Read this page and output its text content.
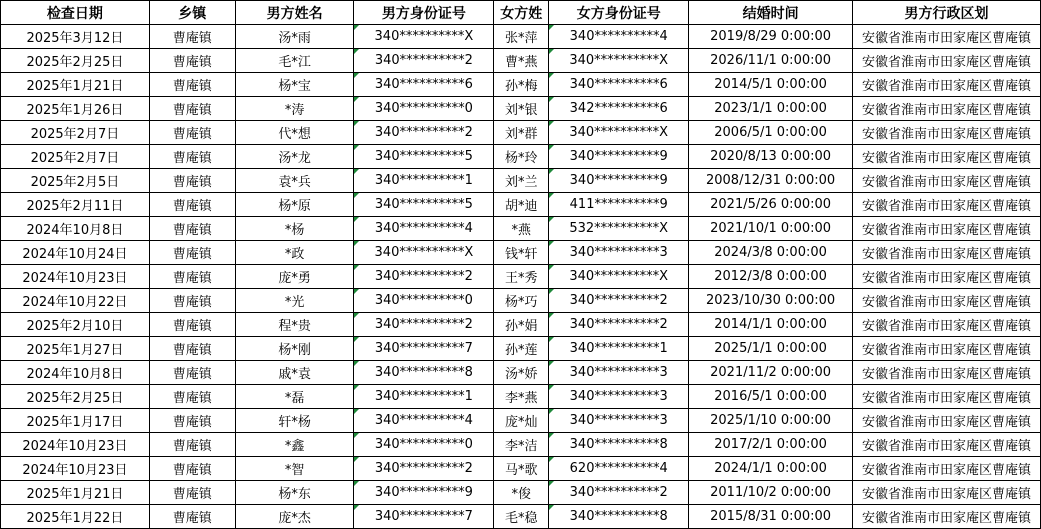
检查日期	乡镇	男方姓名	男方身份证号	女方姓	女方身份证号	结婚时间	男方行政区划
2025年3月12日	曹庵镇	汤*雨	340**********X	张*萍	340**********4	2019/8/29 0:00:00	安徽省淮南市田家庵区曹庵镇
2025年2月25日	曹庵镇	毛*江	340**********2	曹*燕	340**********X	2026/11/1 0:00:00	安徽省淮南市田家庵区曹庵镇
2025年1月21日	曹庵镇	杨*宝	340**********6	孙*梅	340**********6	2014/5/1 0:00:00	安徽省淮南市田家庵区曹庵镇
2025年1月26日	曹庵镇	*涛	340**********0	刘*银	342**********6	2023/1/1 0:00:00	安徽省淮南市田家庵区曹庵镇
2025年2月7日	曹庵镇	代*想	340**********2	刘*群	340**********X	2006/5/1 0:00:00	安徽省淮南市田家庵区曹庵镇
2025年2月7日	曹庵镇	汤*龙	340**********5	杨*玲	340**********9	2020/8/13 0:00:00	安徽省淮南市田家庵区曹庵镇
2025年2月5日	曹庵镇	袁*兵	340**********1	刘*兰	340**********9	2008/12/31 0:00:00	安徽省淮南市田家庵区曹庵镇
2025年2月11日	曹庵镇	杨*原	340**********5	胡*迪	411**********9	2021/5/26 0:00:00	安徽省淮南市田家庵区曹庵镇
2024年10月8日	曹庵镇	*杨	340**********4	*燕	532**********X	2021/10/1 0:00:00	安徽省淮南市田家庵区曹庵镇
2024年10月24日	曹庵镇	*政	340**********X	钱*轩	340**********3	2024/3/8 0:00:00	安徽省淮南市田家庵区曹庵镇
2024年10月23日	曹庵镇	庞*勇	340**********2	王*秀	340**********X	2012/3/8 0:00:00	安徽省淮南市田家庵区曹庵镇
2024年10月22日	曹庵镇	*光	340**********0	杨*巧	340**********2	2023/10/30 0:00:00	安徽省淮南市田家庵区曹庵镇
2025年2月10日	曹庵镇	程*贵	340**********2	孙*娟	340**********2	2014/1/1 0:00:00	安徽省淮南市田家庵区曹庵镇
2025年1月27日	曹庵镇	杨*刚	340**********7	孙*莲	340**********1	2025/1/1 0:00:00	安徽省淮南市田家庵区曹庵镇
2024年10月8日	曹庵镇	戚*袁	340**********8	汤*娇	340**********3	2021/11/2 0:00:00	安徽省淮南市田家庵区曹庵镇
2025年2月25日	曹庵镇	*磊	340**********1	李*燕	340**********3	2016/5/1 0:00:00	安徽省淮南市田家庵区曹庵镇
2025年1月17日	曹庵镇	轩*杨	340**********4	庞*灿	340**********3	2025/1/10 0:00:00	安徽省淮南市田家庵区曹庵镇
2024年10月23日	曹庵镇	*鑫	340**********0	李*洁	340**********8	2017/2/1 0:00:00	安徽省淮南市田家庵区曹庵镇
2024年10月23日	曹庵镇	*智	340**********2	马*歌	620**********4	2024/1/1 0:00:00	安徽省淮南市田家庵区曹庵镇
2025年1月21日	曹庵镇	杨*东	340**********9	*俊	340**********2	2011/10/2 0:00:00	安徽省淮南市田家庵区曹庵镇
2025年1月22日	曹庵镇	庞*杰	340**********7	毛*稳	340**********8	2015/8/31 0:00:00	安徽省淮南市田家庵区曹庵镇
